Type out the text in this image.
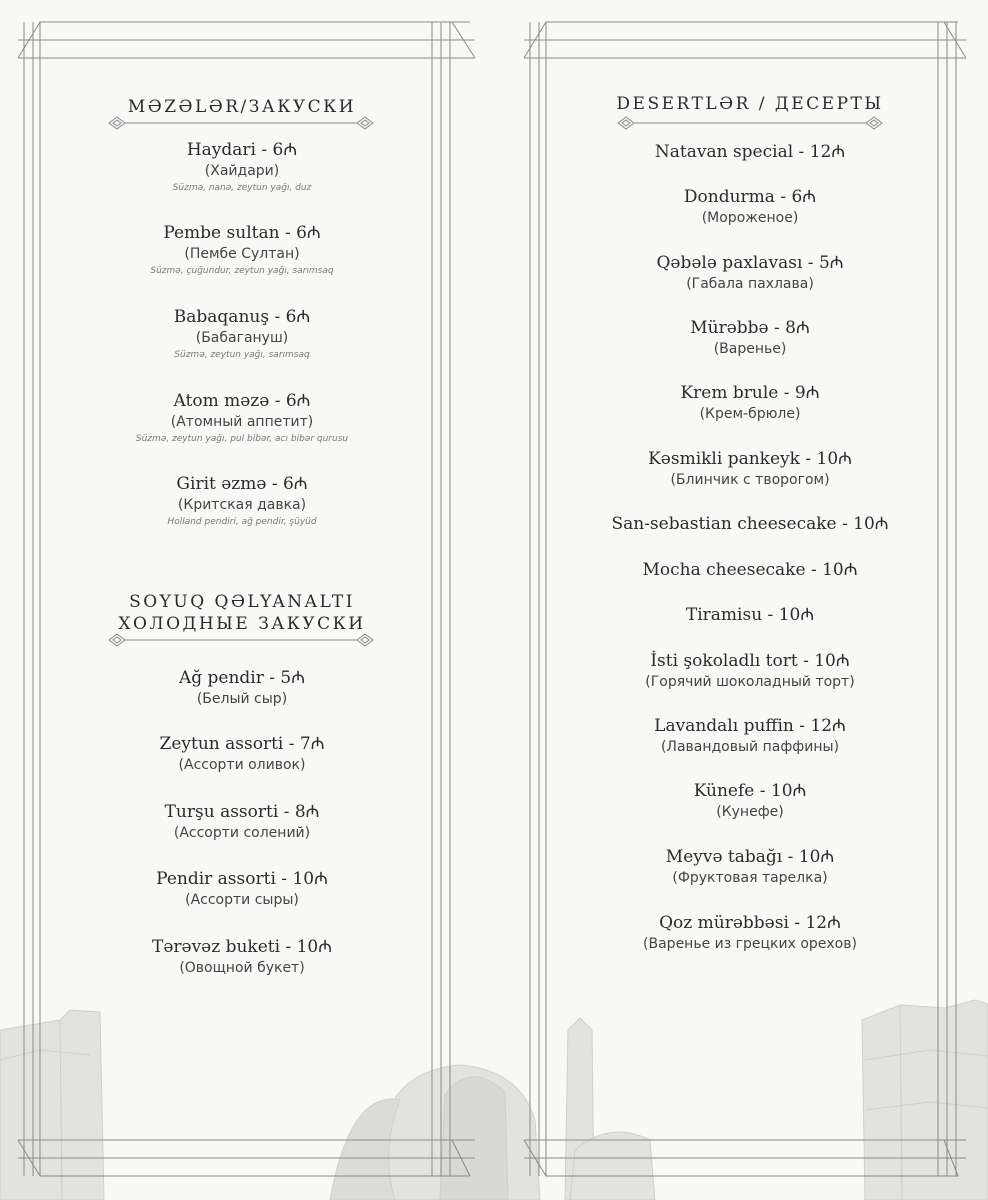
MƏZƏLƏR/ЗАКУСКИ
Haydari - 6₼
(Хайдари)
Süzmə, nanə, zeytun yağı, duz
Pembe sultan - 6₼
(Пембе Султан)
Süzmə, çuğundur, zeytun yağı, sarımsaq
Babaqanuş - 6₼
(Бабагануш)
Süzmə, zeytun yağı, sarımsaq
Atom məzə - 6₼
(Атомный аппетит)
Süzmə, zeytun yağı, pul bibər, acı bibər qurusu
Girit əzmə - 6₼
(Критская давка)
Holland pendiri, ağ pendir, şüyüd
SOYUQ QƏLYANALTI
ХОЛОДНЫЕ ЗАКУСКИ
Ağ pendir - 5₼
(Белый сыр)
Zeytun assorti - 7₼
(Ассорти оливок)
Turşu assorti - 8₼
(Ассорти солений)
Pendir assorti - 10₼
(Ассорти сыры)
Tərəvəz buketi - 10₼
(Овощной букет)
DESERTLƏR / ДЕСЕРТЫ
Natavan special - 12₼
Dondurma - 6₼
(Мороженое)
Qəbələ paxlavası - 5₼
(Габала пахлава)
Mürəbbə - 8₼
(Варенье)
Krem brule - 9₼
(Крем-брюле)
Kəsmikli pankeyk - 10₼
(Блинчик с творогом)
San-sebastian cheesecake - 10₼
Mocha cheesecake - 10₼
Tiramisu - 10₼
İsti şokoladlı tort - 10₼
(Горячий шоколадный торт)
Lavandalı puffin - 12₼
(Лавандовый паффины)
Künefe - 10₼
(Кунефе)
Meyvə tabağı - 10₼
(Фруктовая тарелка)
Qoz mürəbbəsi - 12₼
(Варенье из грецких орехов)
